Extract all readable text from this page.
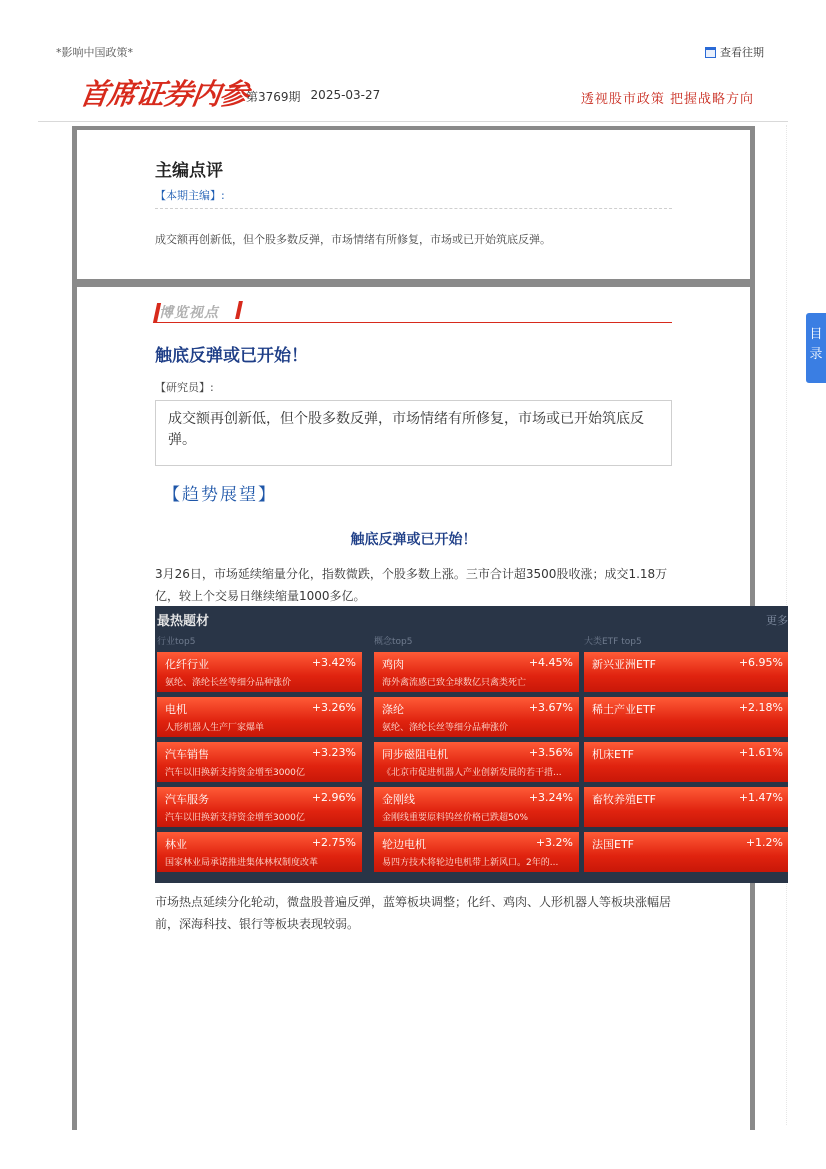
*影响中国政策*	查看往期
首席证券内参
第3769期 2025-03-27	透视股市政策 把握战略方向
主编点评
【本期主编】:
成交额再创新低，但个股多数反弹，市场情绪有所修复，市场或已开始筑底反弹。
博览视点
触底反弹或已开始！
【研究员】:
成交额再创新低，但个股多数反弹，市场情绪有所修复，市场或已开始筑底反弹。
【趋势展望】
触底反弹或已开始！
3月26日，市场延续缩量分化，指数微跌，个股多数上涨。三市合计超3500股收涨；成交1.18万亿，较上个交易日继续缩量1000多亿。
市场热点延续分化轮动，微盘股普遍反弹，蓝筹板块调整；化纤、鸡肉、人形机器人等板块涨幅居前，深海科技、银行等板块表现较弱。
最热题材	更多
行业top5
化纤行业	+3.42%
氨纶、涤纶长丝等细分品种涨价
电机	+3.26%
人形机器人生产厂家爆单
汽车销售	+3.23%
汽车以旧换新支持资金增至3000亿
汽车服务	+2.96%
汽车以旧换新支持资金增至3000亿
林业	+2.75%
国家林业局承诺推进集体林权制度改革
概念top5
鸡肉	+4.45%
海外禽流感已致全球数亿只禽类死亡
涤纶	+3.67%
氨纶、涤纶长丝等细分品种涨价
同步磁阻电机	+3.56%
《北京市促进机器人产业创新发展的若干措...
金刚线	+3.24%
金刚线重要原料钨丝价格已跌超50%
轮边电机	+3.2%
易四方技术将轮边电机带上新风口。2年的...
大类ETF top5
新兴亚洲ETF	+6.95%
稀土产业ETF	+2.18%
机床ETF	+1.61%
畜牧养殖ETF	+1.47%
法国ETF	+1.2%
目录
